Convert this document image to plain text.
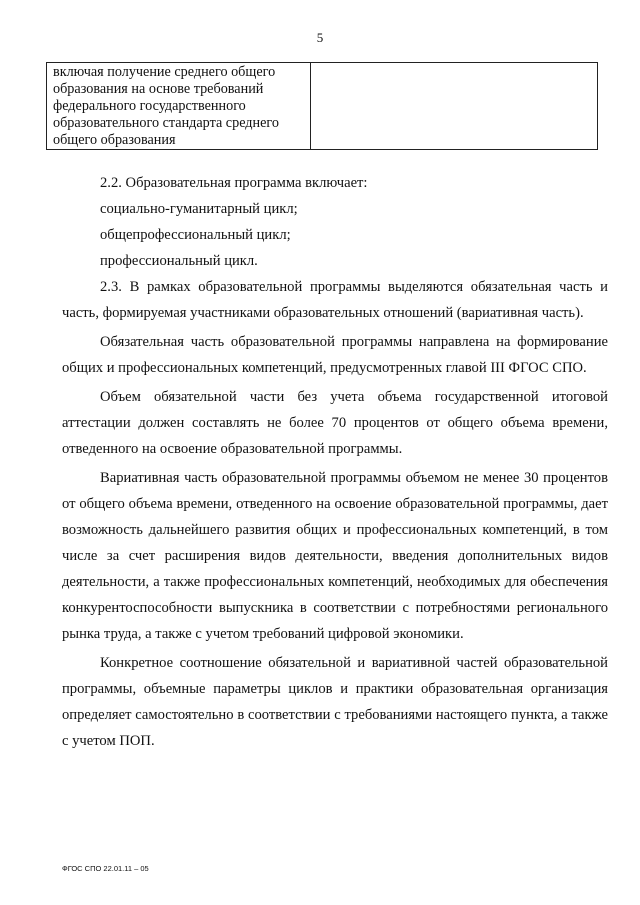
5
включая получение среднего общего образования на основе требований федерального государственного образовательного стандарта среднего общего образования	

2.2. Образовательная программа включает:

социально-гуманитарный цикл;

общепрофессиональный цикл;

профессиональный цикл.

2.3. В рамках образовательной программы выделяются обязательная часть и часть, формируемая участниками образовательных отношений (вариативная часть).

Обязательная часть образовательной программы направлена на формирование общих и профессиональных компетенций, предусмотренных главой III ФГОС СПО.

Объем обязательной части без учета объема государственной итоговой аттестации должен составлять не более 70 процентов от общего объема времени, отведенного на освоение образовательной программы.

Вариативная часть образовательной программы объемом не менее 30 процентов от общего объема времени, отведенного на освоение образовательной программы, дает возможность дальнейшего развития общих и профессиональных компетенций, в том числе за счет расширения видов деятельности, введения дополнительных видов деятельности, а также профессиональных компетенций, необходимых для обеспечения конкурентоспособности выпускника в соответствии с потребностями регионального рынка труда, а также с учетом требований цифровой экономики.

Конкретное соотношение обязательной и вариативной частей образовательной программы, объемные параметры циклов и практики образовательная организация определяет самостоятельно в соответствии с требованиями настоящего пункта, а также с учетом ПОП.

ФГОС СПО 22.01.11 – 05
